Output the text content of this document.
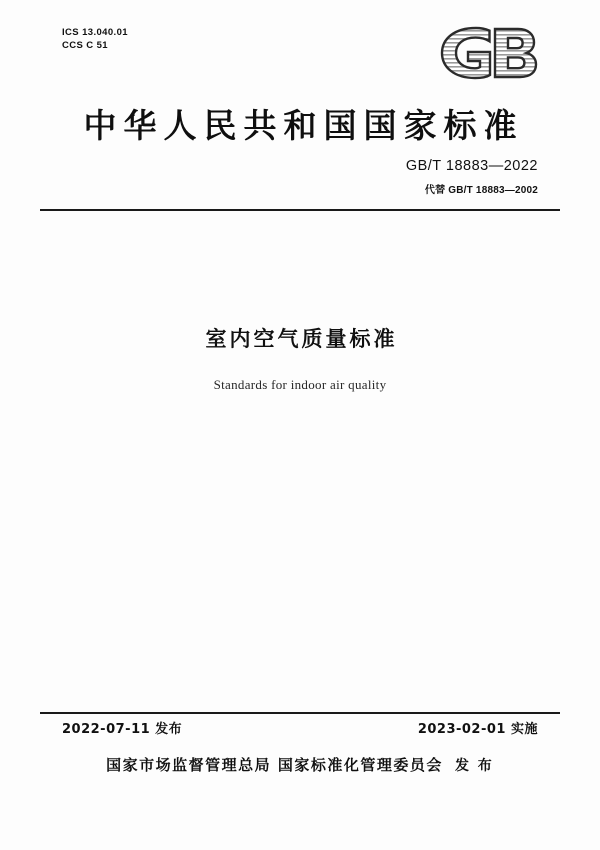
ICS 13.040.01
CCS C 51
中华人民共和国国家标准
GB/T 18883—2022
代替 GB/T 18883—2002
室内空气质量标准
Standards for indoor air quality
2022-07-11 发布	2023-02-01 实施
国家市场监督管理总局 国家标准化管理委员会 发 布
